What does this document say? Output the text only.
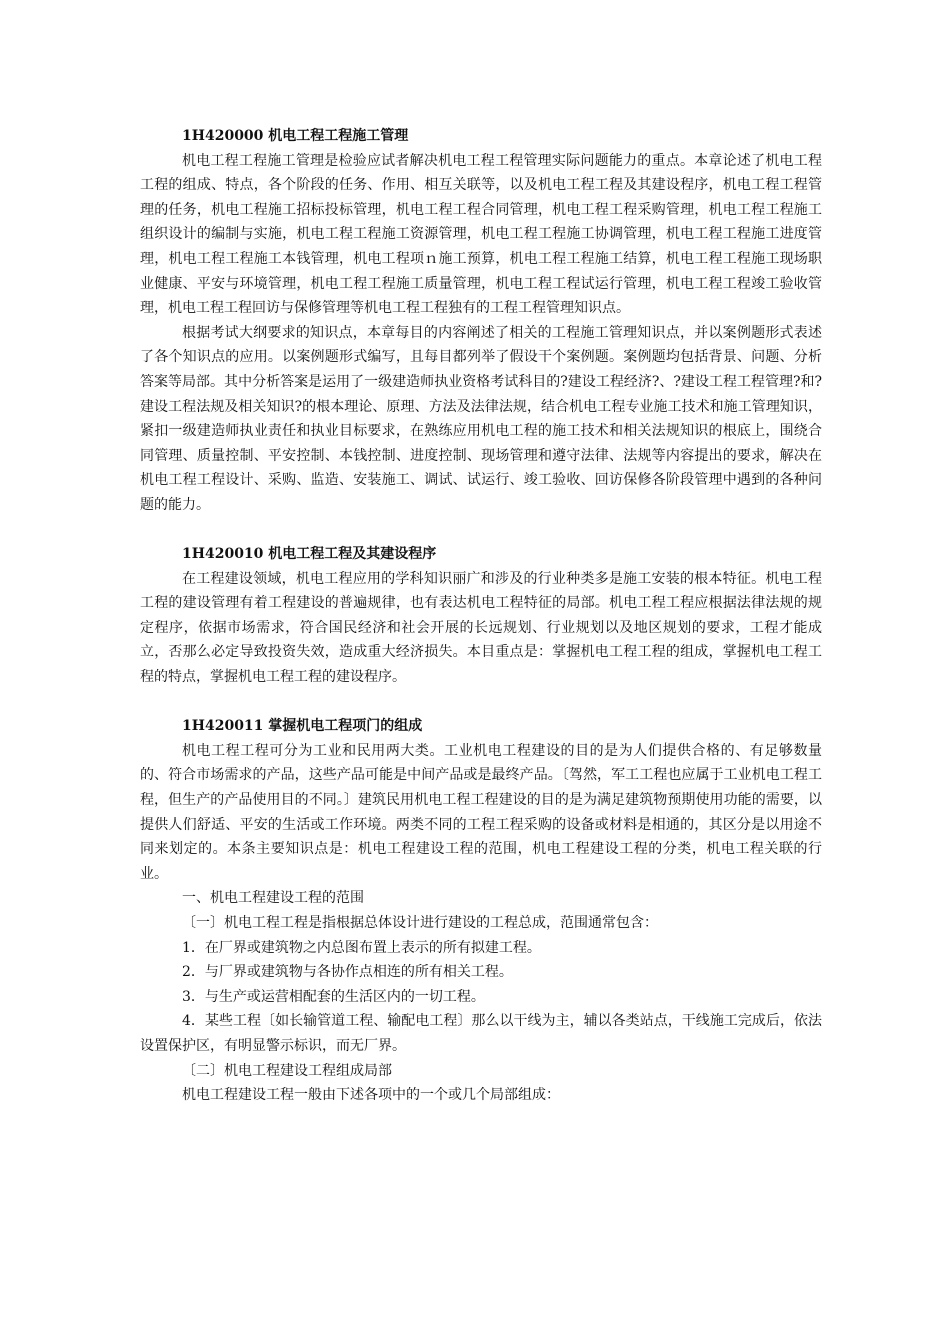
1H420000 机电工程工程施工管理

机电工程工程施工管理是检验应试者解决机电工程工程管理实际问题能力的重点。本章论述了机电工程工程的组成、特点，各个阶段的任务、作用、相互关联等，以及机电工程工程及其建设程序，机电工程工程管理的任务，机电工程施工招标投标管理，机电工程工程合同管理，机电工程工程采购管理，机电工程工程施工组织设计的编制与实施，机电工程工程施工资源管理，机电工程工程施工协调管理，机电工程工程施工进度管理，机电工程工程施工本钱管理，机电工程项ｎ施工预算，机电工程工程施工结算，机电工程工程施工现场职业健康、平安与环境管理，机电工程工程施工质量管理，机电工程工程试运行管理，机电工程工程竣工验收管理，机电工程工程回访与保修管理等机电工程工程独有的工程工程管理知识点。

根据考试大纲要求的知识点，本章每目的内容阐述了相关的工程施工管理知识点，并以案例题形式表述了各个知识点的应用。以案例题形式编写，且每目都列举了假设干个案例题。案例题均包括背景、问题、分析答案等局部。其中分析答案是运用了一级建造师执业资格考试科目的?建设工程经济?、?建设工程工程管理?和?建设工程法规及相关知识?的根本理论、原理、方法及法律法规，结合机电工程专业施工技术和施工管理知识，紧扣一级建造师执业责任和执业目标要求，在熟练应用机电工程的施工技术和相关法规知识的根底上，围绕合同管理、质量控制、平安控制、本钱控制、进度控制、现场管理和遵守法律、法规等内容提出的要求，解决在机电工程工程设计、采购、监造、安装施工、调试、试运行、竣工验收、回访保修各阶段管理中遇到的各种问题的能力。

1H420010 机电工程工程及其建设程序

在工程建设领域，机电工程应用的学科知识丽广和涉及的行业种类多是施工安装的根本特征。机电工程工程的建设管理有着工程建设的普遍规律，也有表达机电工程特征的局部。机电工程工程应根据法律法规的规定程序，依据市场需求，符合国民经济和社会开展的长远规划、行业规划以及地区规划的要求，工程才能成立，否那么必定导致投资失效，造成重大经济损失。本目重点是：掌握机电工程工程的组成，掌握机电工程工程的特点，掌握机电工程工程的建设程序。

1H420011 掌握机电工程项门的组成

机电工程工程可分为工业和民用两大类。工业机电工程建设的目的是为人们提供合格的、有足够数量的、符合市场需求的产品，这些产品可能是中间产品或是最终产品。〔驾然，军工工程也应属于工业机电工程工程，但生产的产品使用目的不同。〕建筑民用机电工程工程建设的目的是为满足建筑物预期使用功能的需要，以提供人们舒适、平安的生活或工作环境。两类不同的工程工程采购的设备或材料是相通的，其区分是以用途不同来划定的。本条主要知识点是：机电工程建设工程的范围，机电工程建设工程的分类，机电工程关联的行业。

一、机电工程建设工程的范围

〔一〕机电工程工程是指根据总体设计进行建设的工程总成，范围通常包含：

1．在厂界或建筑物之内总图布置上表示的所有拟建工程。

2．与厂界或建筑物与各协作点相连的所有相关工程。

3．与生产或运营相配套的生活区内的一切工程。

4．某些工程〔如长输管道工程、输配电工程〕那么以干线为主，辅以各类站点，干线施工完成后，依法设置保护区，有明显警示标识，而无厂界。

〔二〕机电工程建设工程组成局部

机电工程建设工程一般由下述各项中的一个或几个局部组成：
